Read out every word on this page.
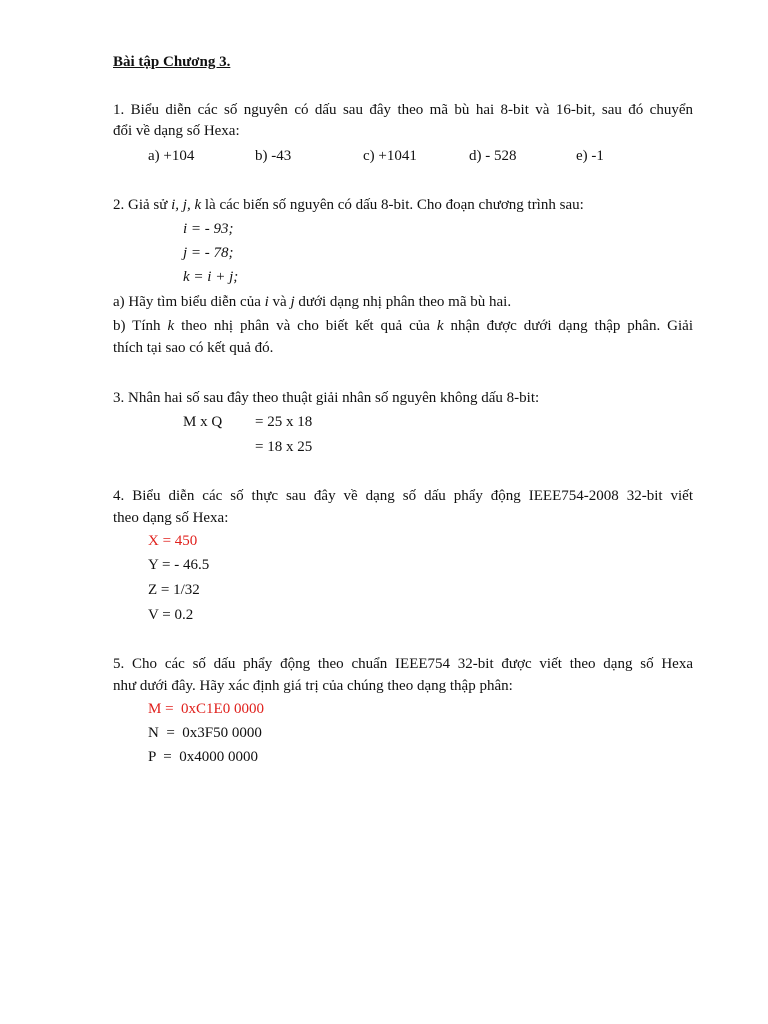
Bài tập Chương 3.
1. Biểu diễn các số nguyên có dấu sau đây theo mã bù hai 8-bit và 16-bit, sau đó chuyển
đổi về dạng số Hexa:
a) +104	b) -43	c) +1041	d) - 528	e) -1
2. Giả sử i, j, k là các biến số nguyên có dấu 8-bit. Cho đoạn chương trình sau:
i = - 93;
j = - 78;
k = i + j;
a) Hãy tìm biểu diễn của i và j dưới dạng nhị phân theo mã bù hai.
b) Tính k theo nhị phân và cho biết kết quả của k nhận được dưới dạng thập phân. Giải
thích tại sao có kết quả đó.
3. Nhân hai số sau đây theo thuật giải nhân số nguyên không dấu 8-bit:
M x Q = 25 x 18
= 18 x 25
4. Biểu diễn các số thực sau đây về dạng số dấu phẩy động IEEE754-2008 32-bit viết
theo dạng số Hexa:
X = 450
Y = - 46.5
Z = 1/32
V = 0.2
5. Cho các số dấu phẩy động theo chuẩn IEEE754 32-bit được viết theo dạng số Hexa
như dưới đây. Hãy xác định giá trị của chúng theo dạng thập phân:
M =  0xC1E0 0000
N  =  0x3F50 0000
P  =  0x4000 0000
